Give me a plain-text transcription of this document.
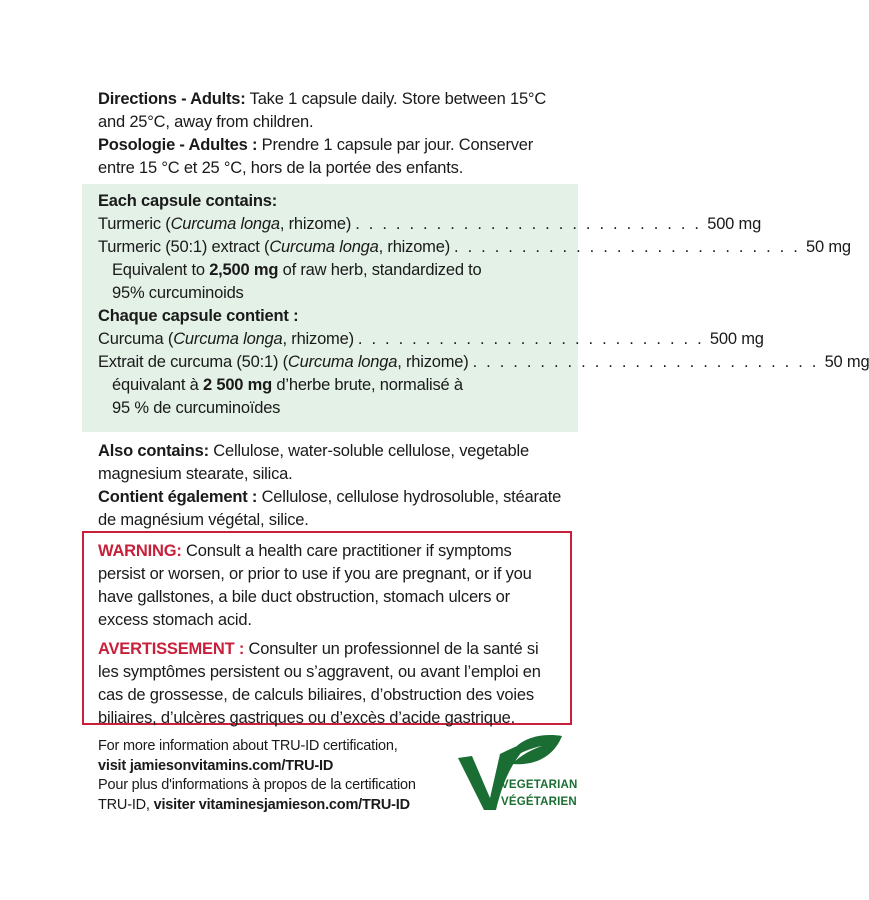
Directions - Adults: Take 1 capsule daily. Store between 15°C and 25°C, away from children.

Posologie - Adultes : Prendre 1 capsule par jour. Conserver entre 15 °C et 25 °C, hors de la portée des enfants.

Each capsule contains:

Turmeric (Curcuma longa, rhizome) . . . . . . . . . . . . . . . . . . . . . . . . . . 500 mg
Turmeric (50:1) extract (Curcuma longa, rhizome) . . . . . . . . . . . . . . . . . . . . . . . . . . 50 mg

Equivalent to 2,500 mg of raw herb, standardized to

95% curcuminoids

Chaque capsule contient :

Curcuma (Curcuma longa, rhizome) . . . . . . . . . . . . . . . . . . . . . . . . . . 500 mg
Extrait de curcuma (50:1) (Curcuma longa, rhizome) . . . . . . . . . . . . . . . . . . . . . . . . . . 50 mg

équivalant à 2 500 mg d’herbe brute, normalisé à

95 % de curcuminoïdes

Also contains: Cellulose, water-soluble cellulose, vegetable magnesium stearate, silica.

Contient également : Cellulose, cellulose hydrosoluble, stéarate de magnésium végétal, silice.

WARNING: Consult a health care practitioner if symptoms persist or worsen, or prior to use if you are pregnant, or if you have gallstones, a bile duct obstruction, stomach ulcers or excess stomach acid.

AVERTISSEMENT : Consulter un professionnel de la santé si les symptômes persistent ou s’aggravent, ou avant l’emploi en cas de grossesse, de calculs biliaires, d’obstruction des voies biliaires, d’ulcères gastriques ou d’excès d’acide gastrique.

For more information about TRU-ID certification,

visit jamiesonvitamins.com/TRU-ID

Pour plus d'informations à propos de la certification

TRU-ID, visiter vitaminesjamieson.com/TRU-ID

VEGETARIAN
VÉGÉTARIEN
